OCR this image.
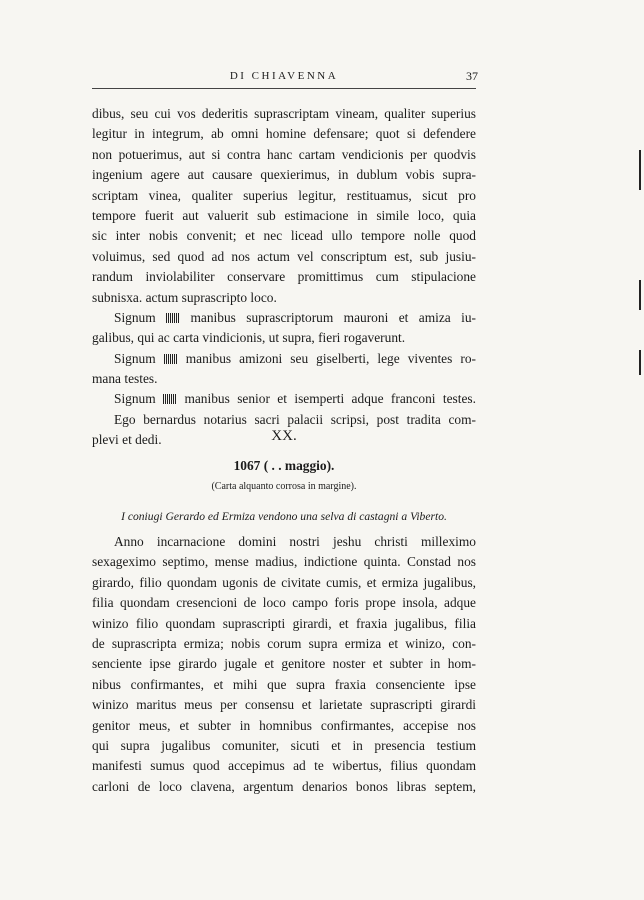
DI CHIAVENNA	37
dibus, seu cui vos dederitis suprascriptam vineam, qualiter superius
legitur in integrum, ab omni homine defensare; quot si defendere
non potuerimus, aut si contra hanc cartam vendicionis per quodvis
ingenium agere aut causare quexierimus, in dublum vobis supra-
scriptam vinea, qualiter superius legitur, restituamus, sicut pro
tempore fuerit aut valuerit sub estimacione in simile loco, quia
sic inter nobis convenit; et nec licead ullo tempore nolle quod
voluimus, sed quod ad nos actum vel conscriptum est, sub jusiu-
randum inviolabiliter conservare promittimus cum stipulacione
subnisxa. actum suprascripto loco.
Signum	manibus suprascriptorum mauroni et amiza iu-
galibus, qui ac carta vindicionis, ut supra, fieri rogaverunt.
Signum manibus amizoni seu giselberti, lege viventes ro-
mana testes.
Signum manibus senior et isemperti adque franconi testes.
Ego bernardus notarius sacri palacii scripsi, post tradita com-
plevi et dedi.	XX.
1067 ( . . maggio).
(Carta alquanto corrosa in margine).
I coniugi Gerardo ed Ermiza vendono una selva di castagni a Viberto.
Anno incarnacione domini nostri jeshu christi milleximo
sexageximo septimo, mense madius, indictione quinta. Constad nos
girardo, filio quondam ugonis de civitate cumis, et ermiza jugalibus,
filia quondam cresencioni de loco campo foris prope insola, adque
winizo filio quondam suprascripti girardi, et fraxia jugalibus, filia
de suprascripta ermiza; nobis corum supra ermiza et winizo, con-
senciente ipse girardo jugale et genitore noster et subter in hom-
nibus confirmantes, et mihi que supra fraxia consenciente ipse
winizo maritus meus per consensu et larietate suprascripti girardi
genitor meus, et subter in homnibus confirmantes, accepise nos
qui supra jugalibus comuniter, sicuti et in presencia testium
manifesti sumus quod accepimus ad te wibertus, filius quondam
carloni de loco clavena, argentum denarios bonos libras septem,
